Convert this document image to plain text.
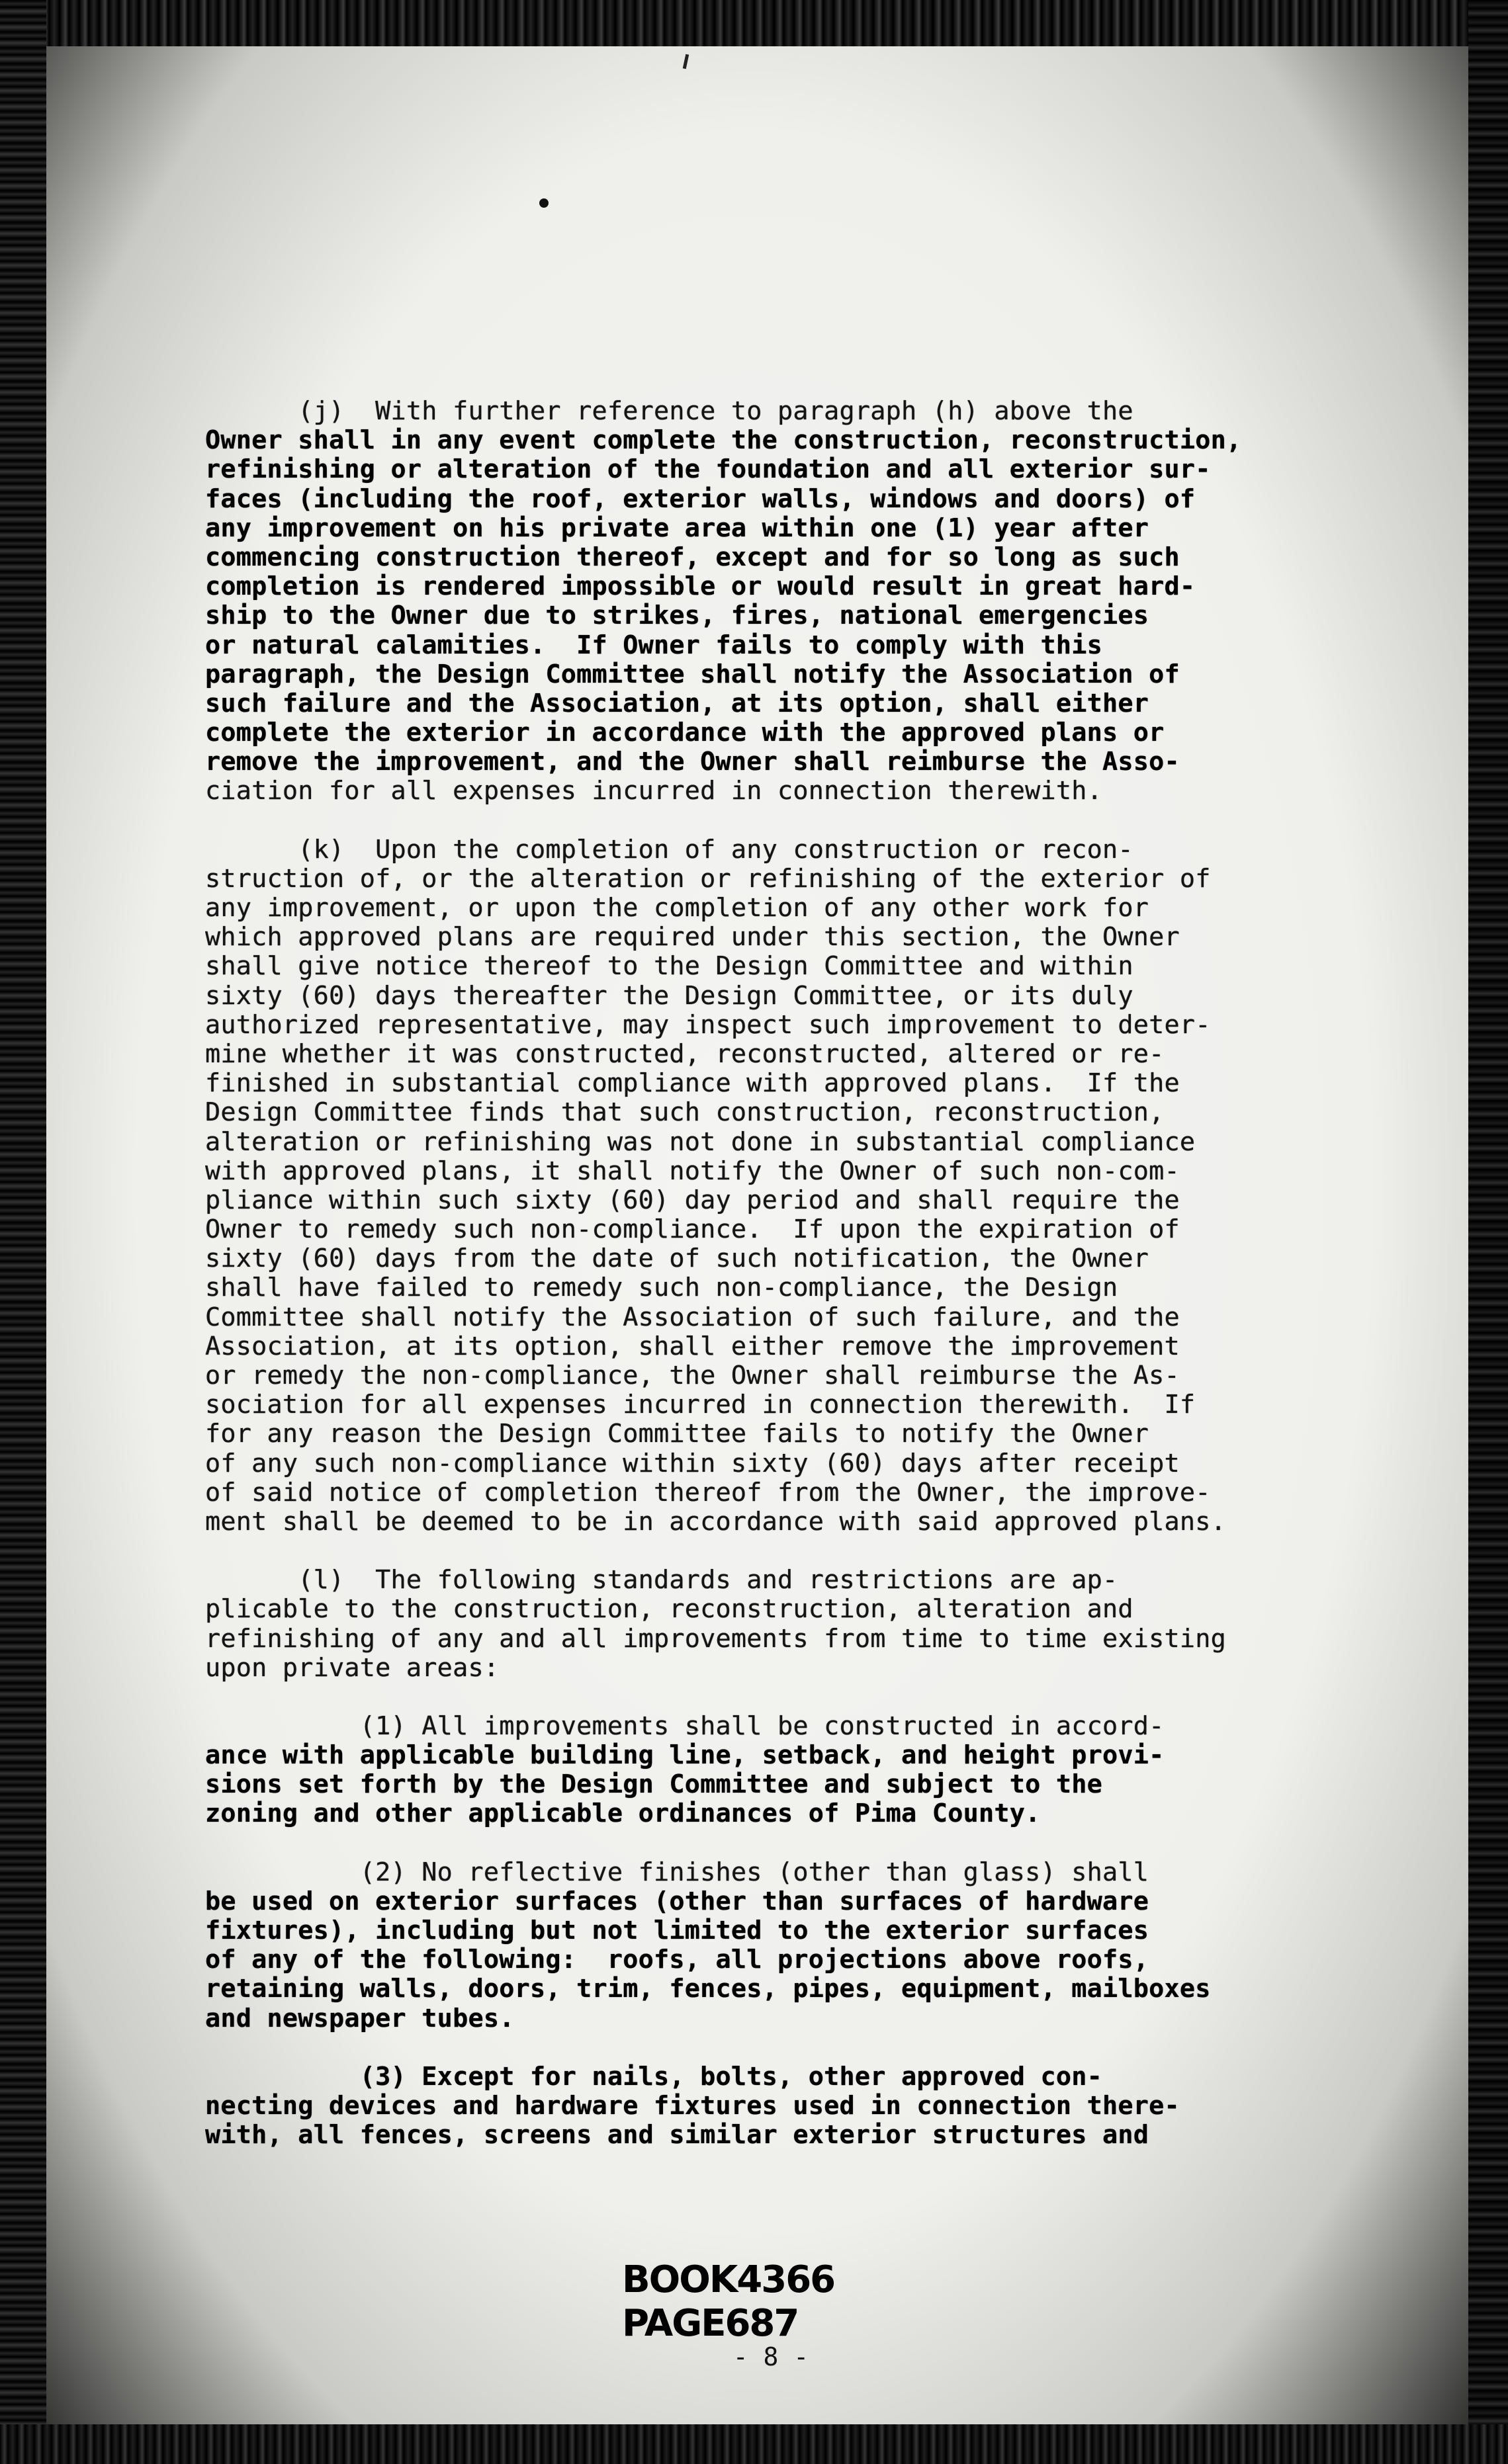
(j)  With further reference to paragraph (h) above the
Owner shall in any event complete the construction, reconstruction,
refinishing or alteration of the foundation and all exterior sur-
faces (including the roof, exterior walls, windows and doors) of
any improvement on his private area within one (1) year after
commencing construction thereof, except and for so long as such
completion is rendered impossible or would result in great hard-
ship to the Owner due to strikes, fires, national emergencies
or natural calamities.  If Owner fails to comply with this
paragraph, the Design Committee shall notify the Association of
such failure and the Association, at its option, shall either
complete the exterior in accordance with the approved plans or
remove the improvement, and the Owner shall reimburse the Asso-
ciation for all expenses incurred in connection therewith.
(k)  Upon the completion of any construction or recon-
struction of, or the alteration or refinishing of the exterior of
any improvement, or upon the completion of any other work for
which approved plans are required under this section, the Owner
shall give notice thereof to the Design Committee and within
sixty (60) days thereafter the Design Committee, or its duly
authorized representative, may inspect such improvement to deter-
mine whether it was constructed, reconstructed, altered or re-
finished in substantial compliance with approved plans.  If the
Design Committee finds that such construction, reconstruction,
alteration or refinishing was not done in substantial compliance
with approved plans, it shall notify the Owner of such non-com-
pliance within such sixty (60) day period and shall require the
Owner to remedy such non-compliance.  If upon the expiration of
sixty (60) days from the date of such notification, the Owner
shall have failed to remedy such non-compliance, the Design
Committee shall notify the Association of such failure, and the
Association, at its option, shall either remove the improvement
or remedy the non-compliance, the Owner shall reimburse the As-
sociation for all expenses incurred in connection therewith.  If
for any reason the Design Committee fails to notify the Owner
of any such non-compliance within sixty (60) days after receipt
of said notice of completion thereof from the Owner, the improve-
ment shall be deemed to be in accordance with said approved plans.
(l)  The following standards and restrictions are ap-
plicable to the construction, reconstruction, alteration and
refinishing of any and all improvements from time to time existing
upon private areas:
(1) All improvements shall be constructed in accord-
ance with applicable building line, setback, and height provi-
sions set forth by the Design Committee and subject to the
zoning and other applicable ordinances of Pima County.
(2) No reflective finishes (other than glass) shall
be used on exterior surfaces (other than surfaces of hardware
fixtures), including but not limited to the exterior surfaces
of any of the following:  roofs, all projections above roofs,
retaining walls, doors, trim, fences, pipes, equipment, mailboxes
and newspaper tubes.
(3) Except for nails, bolts, other approved con-
necting devices and hardware fixtures used in connection there-
with, all fences, screens and similar exterior structures and
BOOK4366 PAGE687
- 8 -
